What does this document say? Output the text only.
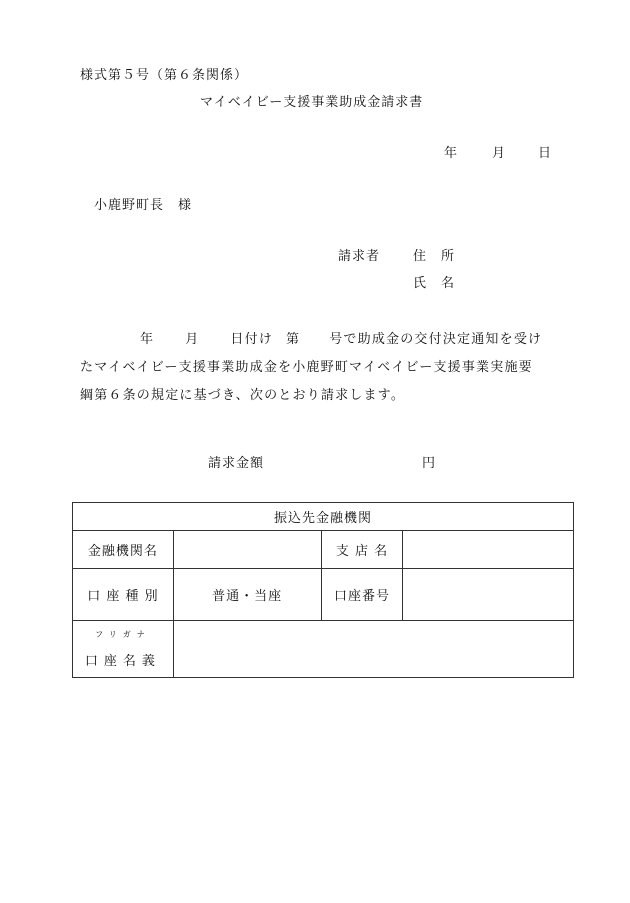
様式第５号（第６条関係）
マイベイビー支援事業助成金請求書
年	月 日
小鹿野町長　様
請求者	住　所
氏　名
年 月 日付け 第 号で助成金の交付決定通知を受け
たマイベイビー支援事業助成金を小鹿野町マイベイビー支援事業実施要
綱第６条の規定に基づき、次のとおり請求します。
請求金額	円
振込先金融機関			
金融機関名		支 店 名	
口 座 種 別	普通・当座	口座番号	

フリガナ
口座名義			
